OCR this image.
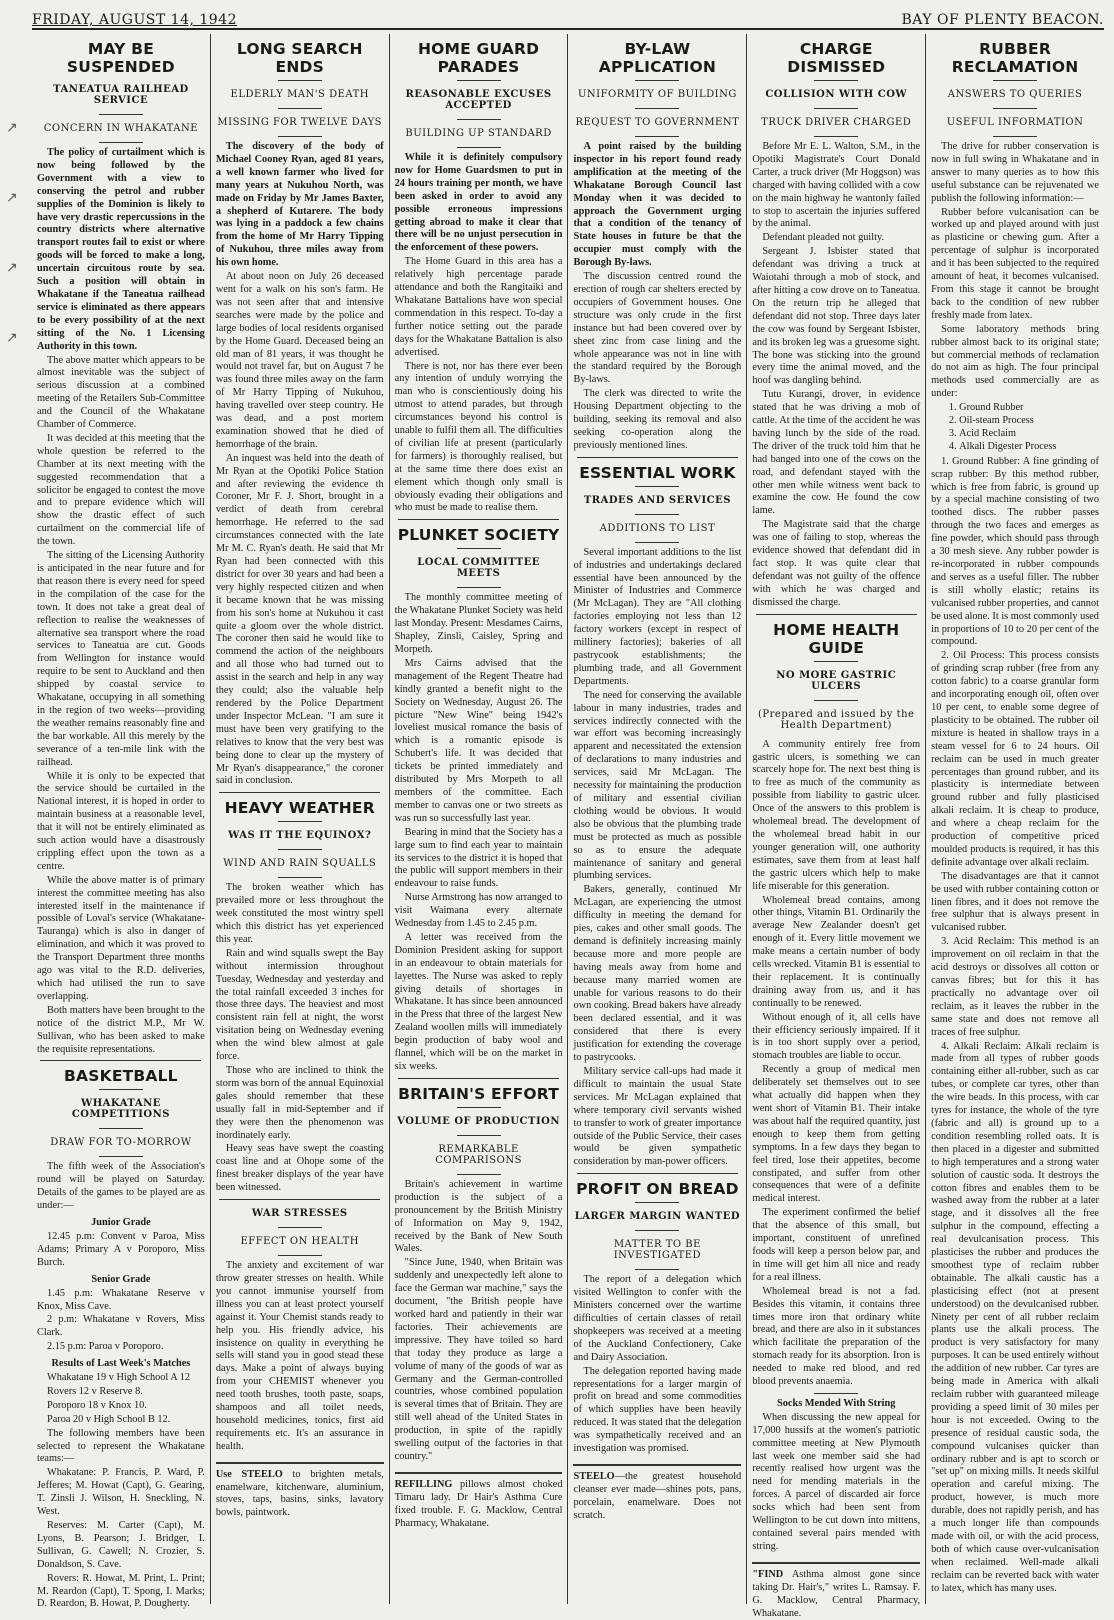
FRIDAY, AUGUST 14, 1942	BAY OF PLENTY BEACON.
↗
↗
↗
↗
MAY BE SUSPENDED
TANEATUA RAILHEAD SERVICE
CONCERN IN WHAKATANE

The policy of curtailment which is now being followed by the Government with a view to conserving the petrol and rubber supplies of the Dominion is likely to have very drastic repercussions in the country districts where alternative transport routes fail to exist or where goods will be forced to make a long, uncertain circuitous route by sea. Such a position will obtain in Whakatane if the Taneatua railhead service is eliminated as there appears to be every possibility of at the next sitting of the No. 1 Licensing Authority in this town.

The above matter which appears to be almost inevitable was the subject of serious discussion at a combined meeting of the Retailers Sub-Committee and the Council of the Whakatane Chamber of Commerce.

It was decided at this meeting that the whole question be referred to the Chamber at its next meeting with the suggested recommendation that a solicitor be engaged to contest the move and to prepare evidence which will show the drastic effect of such curtailment on the commercial life of the town.

The sitting of the Licensing Authority is anticipated in the near future and for that reason there is every need for speed in the compilation of the case for the town. It does not take a great deal of reflection to realise the weaknesses of alternative sea transport where the road services to Taneatua are cut. Goods from Wellington for instance would require to be sent to Auckland and then shipped by coastal service to Whakatane, occupying in all something in the region of two weeks—providing the weather remains reasonably fine and the bar workable. All this merely by the severance of a ten-mile link with the railhead.

While it is only to be expected that the service should be curtailed in the National interest, it is hoped in order to maintain business at a reasonable level, that it will not be entirely eliminated as such action would have a disastrously crippling effect upon the town as a centre.

While the above matter is of primary interest the committee meeting has also interested itself in the maintenance if possible of Loval's service (Whakatane-Tauranga) which is also in danger of elimination, and which it was proved to the Transport Department three months ago was vital to the R.D. deliveries, which had utilised the run to save overlapping.

Both matters have been brought to the notice of the district M.P., Mr W. Sullivan, who has been asked to make the requisite representations.

BASKETBALL
WHAKATANE COMPETITIONS
DRAW FOR TO-MORROW

The fifth week of the Association's round will be played on Saturday. Details of the games to be played are as under:—

Junior Grade

12.45 p.m: Convent v Paroa, Miss Adams; Primary A v Poroporo, Miss Burch.

Senior Grade

1.45 p.m: Whakatane Reserve v Knox, Miss Cave.

2 p.m: Whakatane v Rovers, Miss Clark.

2.15 p.m: Paroa v Poroporo.

Results of Last Week's Matches

Whakatane 19 v High School A 12

Rovers 12 v Reserve 8.

Poroporo 18 v Knox 10.

Paroa 20 v High School B 12.

The following members have been selected to represent the Whakatane teams:—

Whakatane: P. Francis, P. Ward, P. Jefferes; M. Howat (Capt), G. Gearing, T. Zinsli J. Wilson, H. Sneckling, N. West.

Reserves: M. Carter (Capt), M. Lyons, B. Pearson; J. Bridger, I. Sullivan, G. Cawell; N. Crozier, S. Donaldson, S. Cave.

Rovers: R. Howat, M. Print, L. Print; M. Reardon (Capt), T. Spong, I. Marks; D. Reardon, B. Howat, P. Dougherty.

LONG SEARCH ENDS
ELDERLY MAN'S DEATH
MISSING FOR TWELVE DAYS

The discovery of the body of Michael Cooney Ryan, aged 81 years, a well known farmer who lived for many years at Nukuhou North, was made on Friday by Mr James Baxter, a shepherd of Kutarere. The body was lying in a paddock a few chains from the home of Mr Harry Tipping of Nukuhou, three miles away from his own home.

At about noon on July 26 deceased went for a walk on his son's farm. He was not seen after that and intensive searches were made by the police and large bodies of local residents organised by the Home Guard. Deceased being an old man of 81 years, it was thought he would not travel far, but on August 7 he was found three miles away on the farm of Mr Harry Tipping of Nukuhou, having travelled over steep country. He was dead, and a post mortem examination showed that he died of hemorrhage of the brain.

An inquest was held into the death of Mr Ryan at the Opotiki Police Station and after reviewing the evidence th Coroner, Mr F. J. Short, brought in a verdict of death from cerebral hemorrhage. He referred to the sad circumstances connected with the late Mr M. C. Ryan's death. He said that Mr Ryan had been connected with this district for over 30 years and had been a very highly respected citizen and when it became known that he was missing from his son's home at Nukuhou it cast quite a gloom over the whole district. The coroner then said he would like to commend the action of the neighbours and all those who had turned out to assist in the search and help in any way they could; also the valuable help rendered by the Police Department under Inspector McLean. "I am sure it must have been very gratifying to the relatives to know that the very best was being done to clear up the mystery of Mr Ryan's disappearance," the coroner said in conclusion.

HEAVY WEATHER
WAS IT THE EQUINOX?
WIND AND RAIN SQUALLS

The broken weather which has prevailed more or less throughout the week constituted the most wintry spell which this district has yet experienced this year.

Rain and wind squalls swept the Bay without intermission throughout Tuesday, Wednesday and yesterday and the total rainfall exceeded 3 inches for those three days. The heaviest and most consistent rain fell at night, the worst visitation being on Wednesday evening when the wind blew almost at gale force.

Those who are inclined to think the storm was born of the annual Equinoxial gales should remember that these usually fall in mid-September and if they were then the phenomenon was inordinately early.

Heavy seas have swept the coasting coast line and at Ohope some of the finest breaker displays of the year have been witnessed.

WAR STRESSES
EFFECT ON HEALTH

The anxiety and excitement of war throw greater stresses on health. While you cannot immunise yourself from illness you can at least protect yourself against it. Your Chemist stands ready to help you. His friendly advice, his insistence on quality in everything he sells will stand you in good stead these days. Make a point of always buying from your CHEMIST whenever you need tooth brushes, tooth paste, soaps, shampoos and all toilet needs, household medicines, tonics, first aid requirements etc. It's an assurance in health.

Use STEELO to brighten metals, enamelware, kitchenware, aluminium, stoves, taps, basins, sinks, lavatory bowls, paintwork.
HOME GUARD PARADES
REASONABLE EXCUSES ACCEPTED
BUILDING UP STANDARD

While it is definitely compulsory now for Home Guardsmen to put in 24 hours training per month, we have been asked in order to avoid any possible erroneous impressions getting abroad to make it clear that there will be no unjust persecution in the enforcement of these powers.

The Home Guard in this area has a relatively high percentage parade attendance and both the Rangitaiki and Whakatane Battalions have won special commendation in this respect. To-day a further notice setting out the parade days for the Whakatane Battalion is also advertised.

There is not, nor has there ever been any intention of unduly worrying the man who is conscientiously doing his utmost to attend parades, but through circumstances beyond his control is unable to fulfil them all. The difficulties of civilian life at present (particularly for farmers) is thoroughly realised, but at the same time there does exist an element which though only small is obviously evading their obligations and who must be made to realise them.

PLUNKET SOCIETY
LOCAL COMMITTEE MEETS

The monthly committee meeting of the Whakatane Plunket Society was held last Monday. Present: Mesdames Cairns, Shapley, Zinsli, Caisley, Spring and Morpeth.

Mrs Cairns advised that the management of the Regent Theatre had kindly granted a benefit night to the Society on Wednesday, August 26. The picture "New Wine" being 1942's loveliest musical romance the basis of which is a romantic episode is Schubert's life. It was decided that tickets be printed immediately and distributed by Mrs Morpeth to all members of the committee. Each member to canvas one or two streets as was run so successfully last year.

Bearing in mind that the Society has a large sum to find each year to maintain its services to the district it is hoped that the public will support members in their endeavour to raise funds.

Nurse Armstrong has now arranged to visit Waimana every alternate Wednesday from 1.45 to 2.45 p.m.

A letter was received from the Dominion President asking for support in an endeavour to obtain materials for layettes. The Nurse was asked to reply giving details of shortages in Whakatane. It has since been announced in the Press that three of the largest New Zealand woollen mills will immediately begin production of baby wool and flannel, which will be on the market in six weeks.

BRITAIN'S EFFORT
VOLUME OF PRODUCTION
REMARKABLE COMPARISONS

Britain's achievement in wartime production is the subject of a pronouncement by the British Ministry of Information on May 9, 1942, received by the Bank of New South Wales.

"Since June, 1940, when Britain was suddenly and unexpectedly left alone to face the German war machine," says the document, "the British people have worked hard and patiently in their war factories. Their achievements are impressive. They have toiled so hard that today they produce as large a volume of many of the goods of war as Germany and the German-controlled countries, whose combined population is several times that of Britain. They are still well ahead of the United States in production, in spite of the rapidly swelling output of the factories in that country."

REFILLING pillows almost choked Timaru lady. Dr Hair's Asthma Cure fixed trouble. F. G. Macklow, Central Pharmacy, Whakatane.
BY-LAW APPLICATION
UNIFORMITY OF BUILDING
REQUEST TO GOVERNMENT

A point raised by the building inspector in his report found ready amplification at the meeting of the Whakatane Borough Council last Monday when it was decided to approach the Government urging that a condition of the tenancy of State houses in future be that the occupier must comply with the Borough By-laws.

The discussion centred round the erection of rough car shelters erected by occupiers of Government houses. One structure was only crude in the first instance but had been covered over by sheet zinc from case lining and the whole appearance was not in line with the standard required by the Borough By-laws.

The clerk was directed to write the Housing Department objecting to the building, seeking its removal and also seeking co-operation along the previously mentioned lines.

ESSENTIAL WORK
TRADES AND SERVICES
ADDITIONS TO LIST

Several important additions to the list of industries and undertakings declared essential have been announced by the Minister of Industries and Commerce (Mr McLagan). They are "All clothing factories employing not less than 12 factory workers (except in respect of millinery factories); bakeries of all pastrycook establishments; the plumbing trade, and all Government Departments.

The need for conserving the available labour in many industries, trades and services indirectly connected with the war effort was becoming increasingly apparent and necessitated the extension of declarations to many industries and services, said Mr McLagan. The necessity for maintaining the production of military and essential civilian clothing would be obvious. It would also be obvious that the plumbing trade must be protected as much as possible so as to ensure the adequate maintenance of sanitary and general plumbing services.

Bakers, generally, continued Mr McLagan, are experiencing the utmost difficulty in meeting the demand for pies, cakes and other small goods. The demand is definitely increasing mainly because more and more people are having meals away from home and because many married women are unable for various reasons to do their own cooking. Bread bakers have already been declared essential, and it was considered that there is every justification for extending the coverage to pastrycooks.

Military service call-ups had made it difficult to maintain the usual State services. Mr McLagan explained that where temporary civil servants wished to transfer to work of greater importance outside of the Public Service, their cases would be given sympathetic consideration by man-power officers.

PROFIT ON BREAD
LARGER MARGIN WANTED
MATTER TO BE INVESTIGATED

The report of a delegation which visited Wellington to confer with the Ministers concerned over the wartime difficulties of certain classes of retail shopkeepers was received at a meeting of the Auckland Confectionery, Cake and Dairy Association.

The delegation reported having made representations for a larger margin of profit on bread and some commodities of which supplies have been heavily reduced. It was stated that the delegation was sympathetically received and an investigation was promised.

STEELO—the greatest household cleanser ever made—shines pots, pans, porcelain, enamelware. Does not scratch.
CHARGE DISMISSED
COLLISION WITH COW
TRUCK DRIVER CHARGED

Before Mr E. L. Walton, S.M., in the Opotiki Magistrate's Court Donald Carter, a truck driver (Mr Hoggson) was charged with having collided with a cow on the main highway he wantonly failed to stop to ascertain the injuries suffered by the animal.

Defendant pleaded not guilty.

Sergeant J. Isbister stated that defendant was driving a truck at Waiotahi through a mob of stock, and after hitting a cow drove on to Taneatua. On the return trip he alleged that defendant did not stop. Three days later the cow was found by Sergeant Isbister, and its broken leg was a gruesome sight. The bone was sticking into the ground every time the animal moved, and the hoof was dangling behind.

Tutu Kurangi, drover, in evidence stated that he was driving a mob of cattle. At the time of the accident he was having lunch by the side of the road. The driver of the truck told him that he had banged into one of the cows on the road, and defendant stayed with the other men while witness went back to examine the cow. He found the cow lame.

The Magistrate said that the charge was one of failing to stop, whereas the evidence showed that defendant did in fact stop. It was quite clear that defendant was not guilty of the offence with which he was charged and dismissed the charge.

HOME HEALTH GUIDE
NO MORE GASTRIC ULCERS
(Prepared and issued by the Health Department)

A community entirely free from gastric ulcers, is something we can scarcely hope for. The next best thing is to free as much of the community as possible from liability to gastric ulcer. Once of the answers to this problem is wholemeal bread. The development of the wholemeal bread habit in our younger generation will, one authority estimates, save them from at least half the gastric ulcers which help to make life miserable for this generation.

Wholemeal bread contains, among other things, Vitamin B1. Ordinarily the average New Zealander doesn't get enough of it. Every little movement we make means a certain number of body cells wrecked. Vitamin B1 is essential to their replacement. It is continually draining away from us, and it has continually to be renewed.

Without enough of it, all cells have their efficiency seriously impaired. If it is in too short supply over a period, stomach troubles are liable to occur.

Recently a group of medical men deliberately set themselves out to see what actually did happen when they went short of Vitamin B1. Their intake was about half the required quantity, just enough to keep them from getting symptoms. In a few days they began to feel tired, lose their appetites, become constipated, and suffer from other consequences that were of a definite medical interest.

The experiment confirmed the belief that the absence of this small, but important, constituent of unrefined foods will keep a person below par, and in time will get him all nice and ready for a real illness.

Wholemeal bread is not a fad. Besides this vitamin, it contains three times more iron that ordinary white bread, and there are also in it substances which facilitate the preparation of the stomach ready for its absorption. Iron is needed to make red blood, and red blood prevents anaemia.

Socks Mended With String

When discussing the new appeal for 17,000 hussifs at the women's patriotic committee meeting at New Plymouth last week one member said she had recently realised how urgent was the need for mending materials in the forces. A parcel of discarded air force socks which had been sent from Wellington to be cut down into mittens, contained several pairs mended with string.

"FIND Asthma almost gone since taking Dr. Hair's," writes L. Ramsay. F. G. Macklow, Central Pharmacy, Whakatane.
RUBBER RECLAMATION
ANSWERS TO QUERIES
USEFUL INFORMATION

The drive for rubber conservation is now in full swing in Whakatane and in answer to many queries as to how this useful substance can be rejuvenated we publish the following information:—

Rubber before vulcanisation can be worked up and played around with just as plasticine or chewing gum. After a percentage of sulphur is incorporated and it has been subjected to the required amount of heat, it becomes vulcanised. From this stage it cannot be brought back to the condition of new rubber freshly made from latex.

Some laboratory methods bring rubber almost back to its original state; but commercial methods of reclamation do not aim as high. The four principal methods used commercially are as under:

1. Ground Rubber
2. Oil-steam Process
3. Acid Reclaim
4. Alkali Digester Process

1. Ground Rubber: A fine grinding of scrap rubber: By this method rubber, which is free from fabric, is ground up by a special machine consisting of two toothed discs. The rubber passes through the two faces and emerges as fine powder, which should pass through a 30 mesh sieve. Any rubber powder is re-incorporated in rubber compounds and serves as a useful filler. The rubber is still wholly elastic; retains its vulcanised rubber properties, and cannot be used alone. It is most commonly used in proportions of 10 to 20 per cent of the compound.

2. Oil Process: This process consists of grinding scrap rubber (free from any cotton fabric) to a coarse granular form and incorporating enough oil, often over 10 per cent, to enable some degree of plasticity to be obtained. The rubber oil mixture is heated in shallow trays in a steam vessel for 6 to 24 hours. Oil reclaim can be used in much greater percentages than ground rubber, and its plasticity is intermediate between ground rubber and fully plasticised alkali reclaim. It is cheap to produce, and where a cheap reclaim for the production of competitive priced moulded products is required, it has this definite advantage over alkali reclaim.

The disadvantages are that it cannot be used with rubber containing cotton or linen fibres, and it does not remove the free sulphur that is always present in vulcanised rubber.

3. Acid Reclaim: This method is an improvement on oil reclaim in that the acid destroys or dissolves all cotton or canvas fibres; but for this it has practically no advantage over oil reclaim, as it leaves the rubber in the same state and does not remove all traces of free sulphur.

4. Alkali Reclaim: Alkali reclaim is made from all types of rubber goods containing either all-rubber, such as car tubes, or complete car tyres, other than the wire beads. In this process, with car tyres for instance, the whole of the tyre (fabric and all) is ground up to a condition resembling rolled oats. It is then placed in a digester and submitted to high temperatures and a strong water solution of caustic soda. It destroys the cotton fibres and enables them to be washed away from the rubber at a later stage, and it dissolves all the free sulphur in the compound, effecting a real devulcanisation process. This plasticises the rubber and produces the smoothest type of reclaim rubber obtainable. The alkali caustic has a plasticising effect (not at present understood) on the devulcanised rubber. Ninety per cent of all rubber reclaim plants use the alkali process. The product is very satisfactory for many purposes. It can be used entirely without the addition of new rubber. Car tyres are being made in America with alkali reclaim rubber with guaranteed mileage providing a speed limit of 30 miles per hour is not exceeded. Owing to the presence of residual caustic soda, the compound vulcanises quicker than ordinary rubber and is apt to scorch or "set up" on mixing mills. It needs skilful operation and careful mixing. The product, however, is much more durable, does not rapidly perish, and has a much longer life than compounds made with oil, or with the acid process, both of which cause over-vulcanisation when reclaimed. Well-made alkali reclaim can be reverted back with water to latex, which has many uses.
